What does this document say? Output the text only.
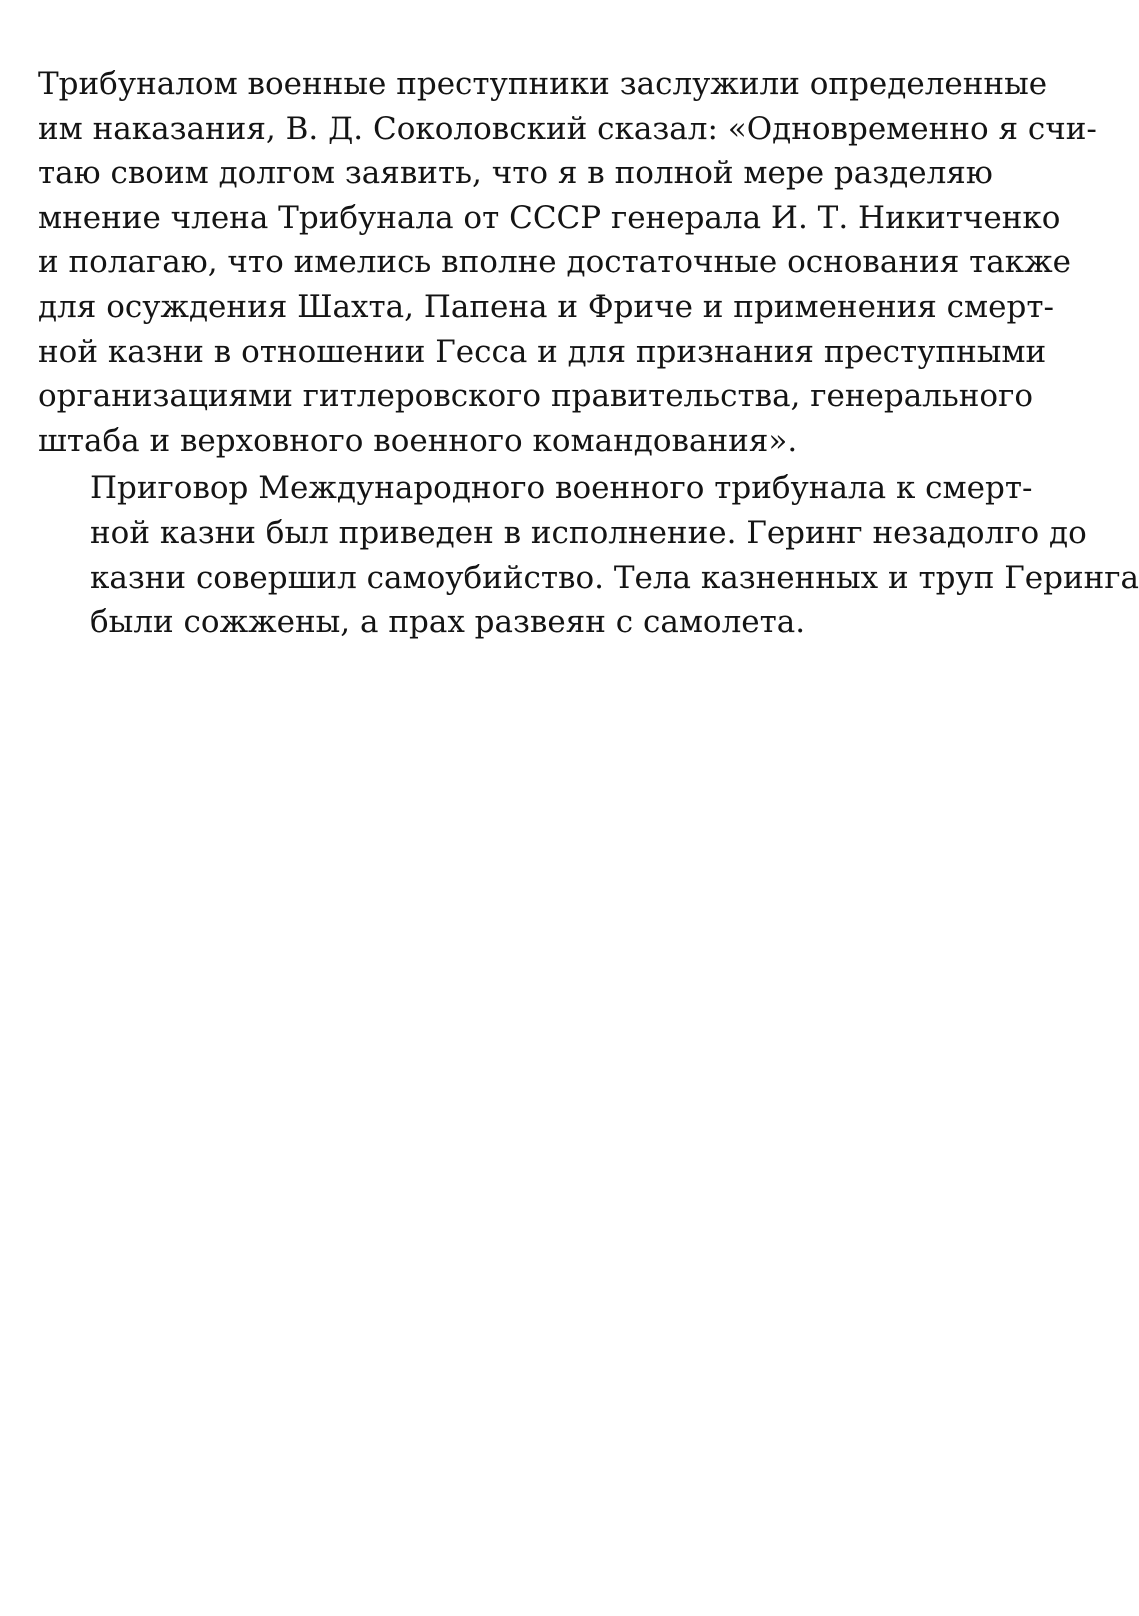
Трибуналом военные преступники заслужили определенные
им наказания, В. Д. Соколовский сказал: «Одновременно я счи-
таю своим долгом заявить, что я в полной мере разделяю
мнение члена Трибунала от СССР генерала И. Т. Никитченко
и полагаю, что имелись вполне достаточные основания также
для осуждения Шахта, Папена и Фриче и применения смерт-
ной казни в отношении Гесса и для признания преступными
организациями гитлеровского правительства, генерального
штаба и верховного военного командования».

Приговор Международного военного трибунала к смерт-
ной казни был приведен в исполнение. Геринг незадолго до
казни совершил самоубийство. Тела казненных и труп Геринга
были сожжены, а прах развеян с самолета.
